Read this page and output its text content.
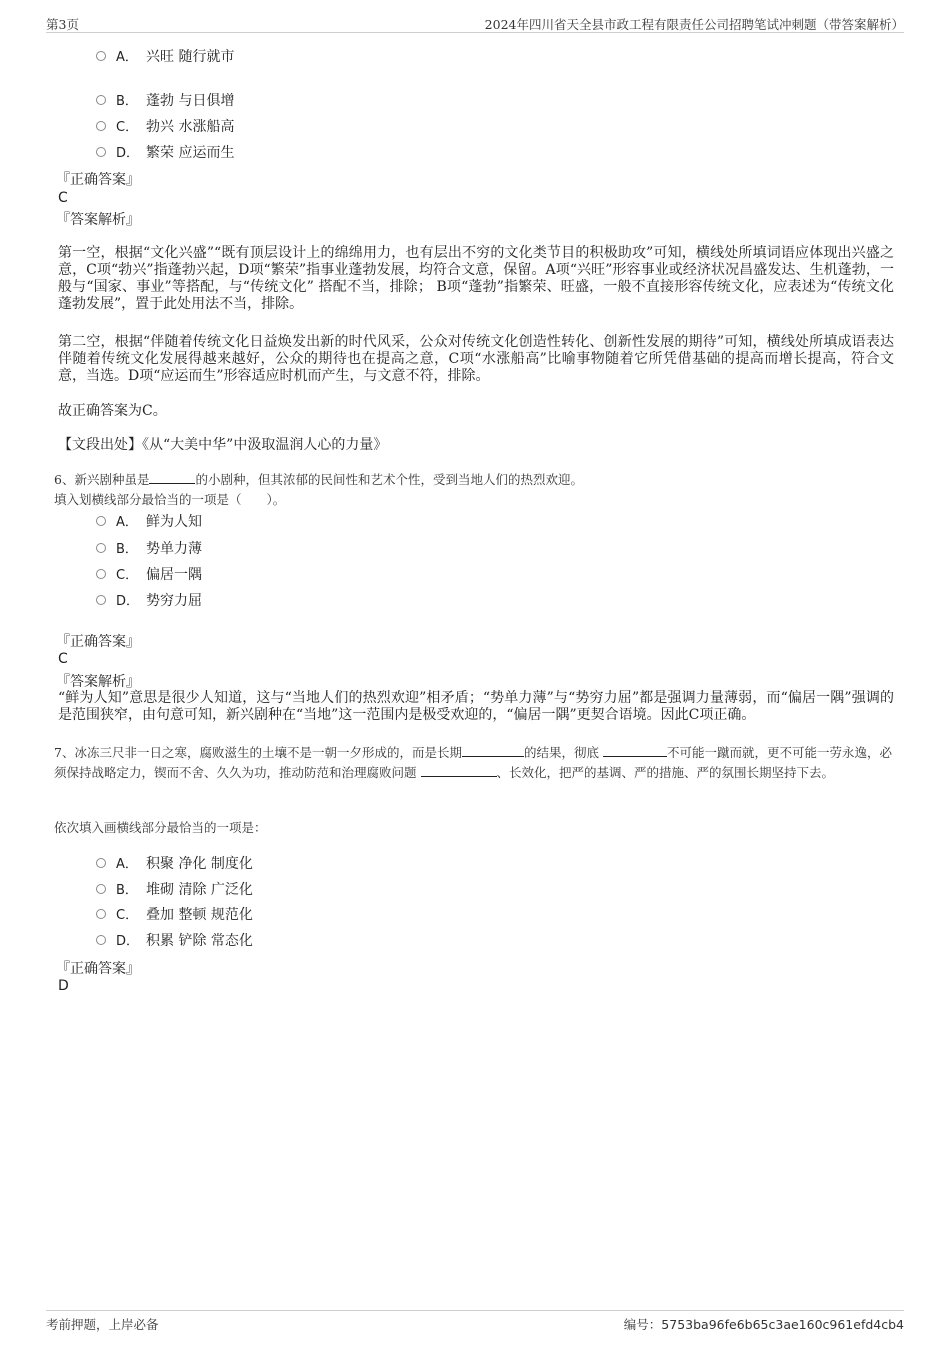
第3页	2024年四川省天全县市政工程有限责任公司招聘笔试冲刺题（带答案解析）
A． 兴旺 随行就市
B． 蓬勃 与日俱增
C． 勃兴 水涨船高
D． 繁荣 应运而生
『正确答案』
C
『答案解析』
第一空，根据“文化兴盛”“既有顶层设计上的绵绵用力，也有层出不穷的文化类节目的积极助攻”可知，横线处所填词语应体现出兴盛之意，C项“勃兴”指蓬勃兴起，D项“繁荣”指事业蓬勃发展，均符合文意，保留。A项“兴旺”形容事业或经济状况昌盛发达、生机蓬勃，一般与“国家、事业”等搭配，与“传统文化” 搭配不当，排除； B项“蓬勃”指繁荣、旺盛，一般不直接形容传统文化，应表述为“传统文化蓬勃发展”，置于此处用法不当，排除。
第二空，根据“伴随着传统文化日益焕发出新的时代风采，公众对传统文化创造性转化、创新性发展的期待”可知，横线处所填成语表达伴随着传统文化发展得越来越好，公众的期待也在提高之意，C项“水涨船高”比喻事物随着它所凭借基础的提高而增长提高，符合文意，当选。D项“应运而生”形容适应时机而产生，与文意不符，排除。
故正确答案为C。
【文段出处】《从“大美中华”中汲取温润人心的力量》
6、新兴剧种虽是	的小剧种，但其浓郁的民间性和艺术个性，受到当地人们的热烈欢迎。
填入划横线部分最恰当的一项是（　　）。
A． 鲜为人知
B． 势单力薄
C． 偏居一隅
D． 势穷力屈
『正确答案』
C
『答案解析』
“鲜为人知”意思是很少人知道，这与“当地人们的热烈欢迎”相矛盾；“势单力薄”与“势穷力屈”都是强调力量薄弱，而“偏居一隅”强调的是范围狭窄，由句意可知，新兴剧种在“当地”这一范围内是极受欢迎的，“偏居一隅”更契合语境。因此C项正确。
7、冰冻三尺非一日之寒，腐败滋生的土壤不是一朝一夕形成的，而是长期	的结果，彻底	不可能一蹴而就，更不可能一劳永逸，必须保持战略定力，锲而不舍、久久为功，推动防范和治理腐败问题	、长效化，把严的基调、严的措施、严的氛围长期坚持下去。
依次填入画横线部分最恰当的一项是：
A． 积聚 净化 制度化
B． 堆砌 清除 广泛化
C． 叠加 整顿 规范化
D． 积累 铲除 常态化
『正确答案』
D
考前押题，上岸必备	编号：5753ba96fe6b65c3ae160c961efd4cb4
